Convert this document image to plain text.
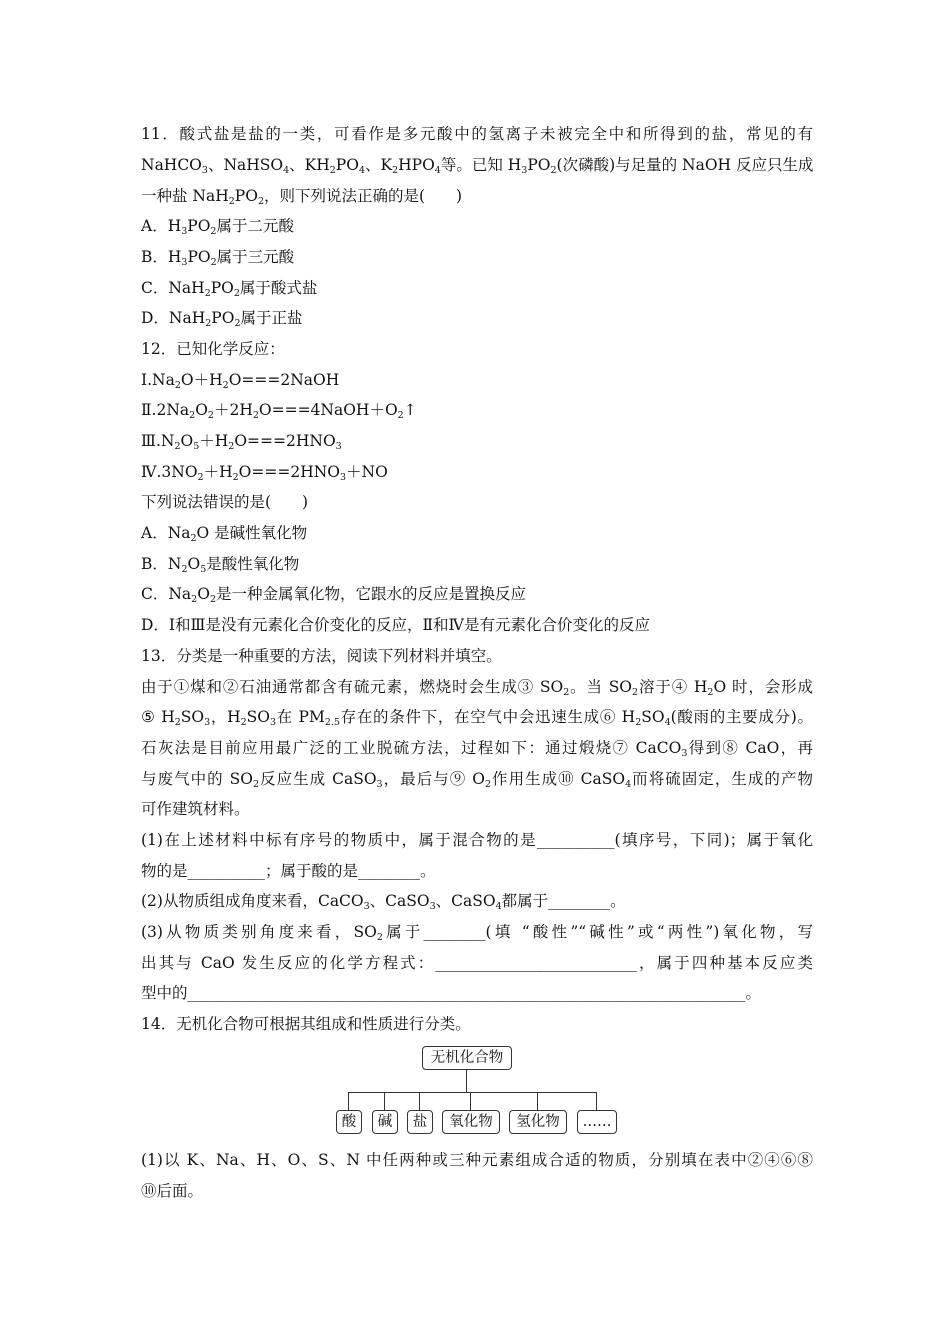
11．酸式盐是盐的一类，可看作是多元酸中的氢离子未被完全中和所得到的盐，常见的有
NaHCO$_3$、NaHSO$_4$、$KH_2PO_4$、$K_2HPO_4$等。已知 $H_3PO_2$(次磷酸)与足量的 NaOH 反应只生成
一种盐 $NaH_2PO_2$，则下列说法正确的是(　　)
A．$H_3PO_2$属于二元酸
B．$H_3PO_2$属于三元酸
C．$NaH_2PO_2$属于酸式盐
D．$NaH_2PO_2$属于正盐
12．已知化学反应：
$Ⅰ.Na_2O+H_2O===2NaOH$
$Ⅱ.2Na_2O_2+2H_2O===4NaOH+O_2↑$
$Ⅲ.N_2O_5+H_2O===2HNO_3$
$Ⅳ.3NO_2+H_2O===2HNO_3+NO$
下列说法错误的是(　　)
A．$Na_2O$ 是碱性氧化物
B．$N_2O_5$是酸性氧化物
C．$Na_2O_2$是一种金属氧化物，它跟水的反应是置换反应
D．Ⅰ和Ⅲ是没有元素化合价变化的反应，Ⅱ和Ⅳ是有元素化合价变化的反应
13．分类是一种重要的方法，阅读下列材料并填空。
由于①煤和②石油通常都含有硫元素，燃烧时会生成③ $SO_2$。当 $SO_2$溶于④ $H_2O$ 时，会形成
⑤ $H_2SO_3$，$H_2SO_3$在 $PM_{2.5}$存在的条件下，在空气中会迅速生成⑥ $H_2SO_4$(酸雨的主要成分)。
石灰法是目前应用最广泛的工业脱硫方法，过程如下：通过煅烧⑦ CaCO$_3$得到⑧ CaO，再
与废气中的 $SO_2$反应生成 CaSO$_3$，最后与⑨ $O_2$作用生成⑩ CaSO$_4$而将硫固定，生成的产物
可作建筑材料。
(1)在上述材料中标有序号的物质中，属于混合物的是__________(填序号，下同)；属于氧化
物的是__________；属于酸的是________。
(2)从物质组成角度来看，CaCO$_3$、CaSO$_3$、CaSO$_4$都属于________。
(3)从物质类别角度来看，$SO_2$属于________(填 “酸性”“碱性”或“两性”)氧化物，写
出其与 CaO 发生反应的化学方程式：__________________________，属于四种基本反应类
型中的________________________________________________________________________。
14．无机化合物可根据其组成和性质进行分类。
无机化合物
酸	碱	盐	氧化物	氢化物	……
(1)以 K、Na、H、O、S、N 中任两种或三种元素组成合适的物质，分别填在表中②④⑥⑧
⑩后面。
